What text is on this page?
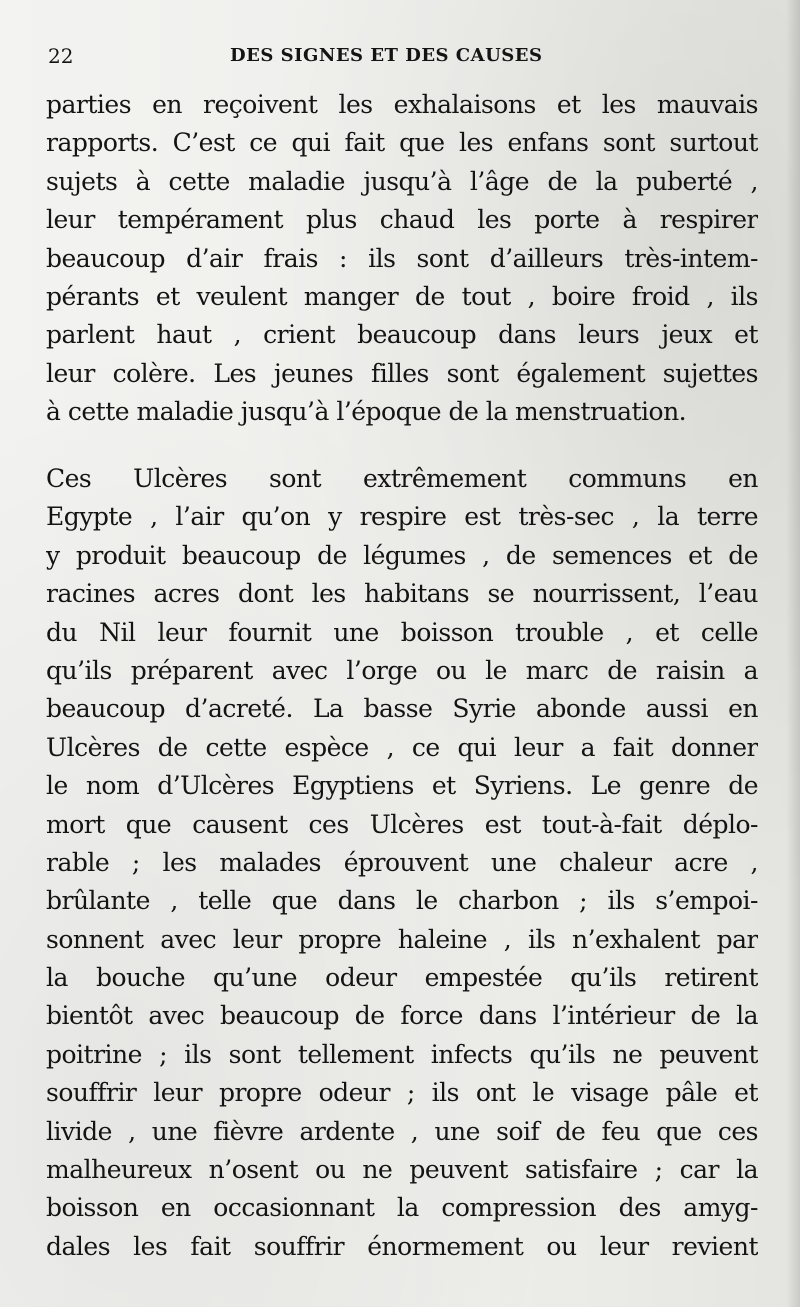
22	DES SIGNES ET DES CAUSES
parties en reçoivent les exhalaisons et les mauvais
rapports. C’est ce qui fait que les enfans sont surtout
sujets à cette maladie jusqu’à l’âge de la puberté ,
leur tempérament plus chaud les porte à respirer
beaucoup d’air frais : ils sont d’ailleurs très-intem-
pérants et veulent manger de tout , boire froid , ils
parlent haut , crient beaucoup dans leurs jeux et
leur colère. Les jeunes filles sont également sujettes
à cette maladie jusqu’à l’époque de la menstruation.
Ces Ulcères sont extrêmement communs en
Egypte , l’air qu’on y respire est très-sec , la terre
y produit beaucoup de légumes , de semences et de
racines acres dont les habitans se nourrissent, l’eau
du Nil leur fournit une boisson trouble , et celle
qu’ils préparent avec l’orge ou le marc de raisin a
beaucoup d’acreté. La basse Syrie abonde aussi en
Ulcères de cette espèce , ce qui leur a fait donner
le nom d’Ulcères Egyptiens et Syriens. Le genre de
mort que causent ces Ulcères est tout-à-fait déplo-
rable ; les malades éprouvent une chaleur acre ,
brûlante , telle que dans le charbon ; ils s’empoi-
sonnent avec leur propre haleine , ils n’exhalent par
la bouche qu’une odeur empestée qu’ils retirent
bientôt avec beaucoup de force dans l’intérieur de la
poitrine ; ils sont tellement infects qu’ils ne peuvent
souffrir leur propre odeur ; ils ont le visage pâle et
livide , une fièvre ardente , une soif de feu que ces
malheureux n’osent ou ne peuvent satisfaire ; car la
boisson en occasionnant la compression des amyg-
dales les fait souffrir énormement ou leur revient
